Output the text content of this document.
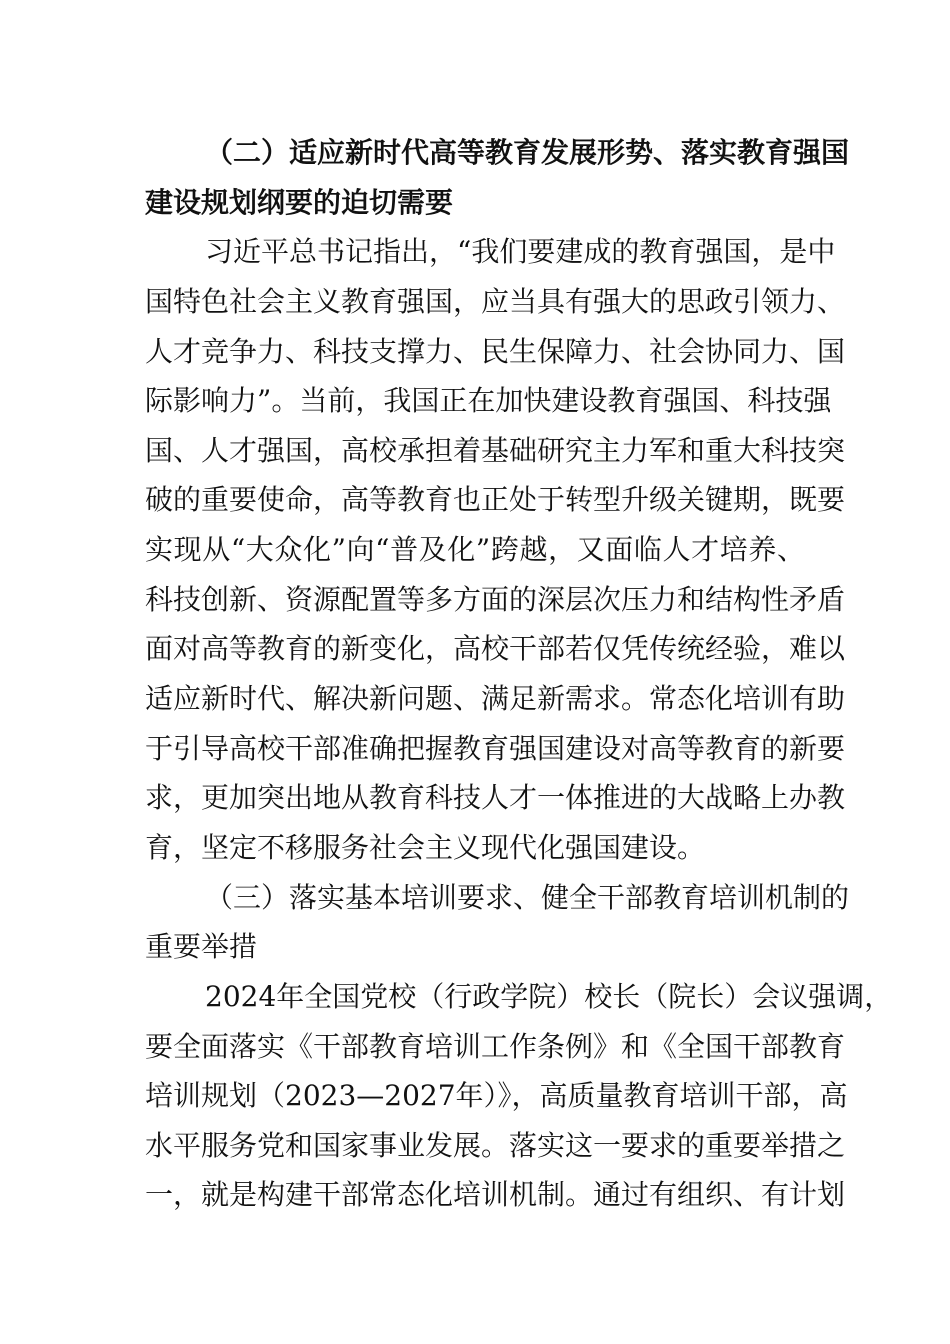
（二）适应新时代高等教育发展形势、落实教育强国
建设规划纲要的迫切需要
习近平总书记指出，“我们要建成的教育强国，是中
国特色社会主义教育强国，应当具有强大的思政引领力、
人才竞争力、科技支撑力、民生保障力、社会协同力、国
际影响力”。当前，我国正在加快建设教育强国、科技强
国、人才强国，高校承担着基础研究主力军和重大科技突
破的重要使命，高等教育也正处于转型升级关键期，既要
实现从“大众化”向“普及化”跨越，又面临人才培养、
科技创新、资源配置等多方面的深层次压力和结构性矛盾
面对高等教育的新变化，高校干部若仅凭传统经验，难以
适应新时代、解决新问题、满足新需求。常态化培训有助
于引导高校干部准确把握教育强国建设对高等教育的新要
求，更加突出地从教育科技人才一体推进的大战略上办教
育，坚定不移服务社会主义现代化强国建设。
（三）落实基本培训要求、健全干部教育培训机制的
重要举措
2024年全国党校（行政学院）校长（院长）会议强调，
要全面落实《干部教育培训工作条例》和《全国干部教育
培训规划（2023—2027年）》，高质量教育培训干部，高
水平服务党和国家事业发展。落实这一要求的重要举措之
一，就是构建干部常态化培训机制。通过有组织、有计划
